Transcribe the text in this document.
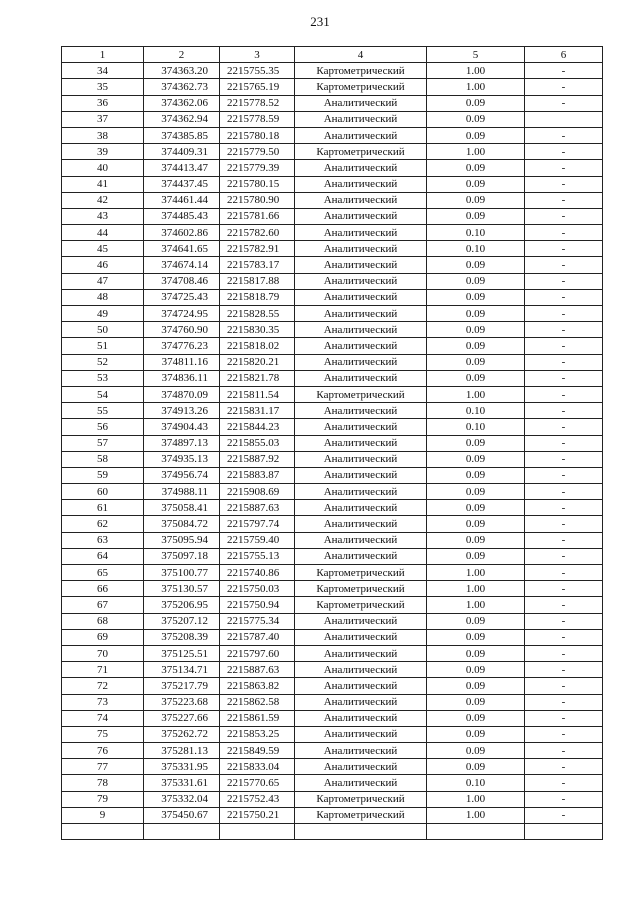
231
1	2	3	4	5	6
34	374363.20	2215755.35	Картометрический	1.00	-
35	374362.73	2215765.19	Картометрический	1.00	-
36	374362.06	2215778.52	Аналитический	0.09	-
37	374362.94	2215778.59	Аналитический	0.09	
38	374385.85	2215780.18	Аналитический	0.09	-
39	374409.31	2215779.50	Картометрический	1.00	-
40	374413.47	2215779.39	Аналитический	0.09	-
41	374437.45	2215780.15	Аналитический	0.09	-
42	374461.44	2215780.90	Аналитический	0.09	-
43	374485.43	2215781.66	Аналитический	0.09	-
44	374602.86	2215782.60	Аналитический	0.10	-
45	374641.65	2215782.91	Аналитический	0.10	-
46	374674.14	2215783.17	Аналитический	0.09	-
47	374708.46	2215817.88	Аналитический	0.09	-
48	374725.43	2215818.79	Аналитический	0.09	-
49	374724.95	2215828.55	Аналитический	0.09	-
50	374760.90	2215830.35	Аналитический	0.09	-
51	374776.23	2215818.02	Аналитический	0.09	-
52	374811.16	2215820.21	Аналитический	0.09	-
53	374836.11	2215821.78	Аналитический	0.09	-
54	374870.09	2215811.54	Картометрический	1.00	-
55	374913.26	2215831.17	Аналитический	0.10	-
56	374904.43	2215844.23	Аналитический	0.10	-
57	374897.13	2215855.03	Аналитический	0.09	-
58	374935.13	2215887.92	Аналитический	0.09	-
59	374956.74	2215883.87	Аналитический	0.09	-
60	374988.11	2215908.69	Аналитический	0.09	-
61	375058.41	2215887.63	Аналитический	0.09	-
62	375084.72	2215797.74	Аналитический	0.09	-
63	375095.94	2215759.40	Аналитический	0.09	-
64	375097.18	2215755.13	Аналитический	0.09	-
65	375100.77	2215740.86	Картометрический	1.00	-
66	375130.57	2215750.03	Картометрический	1.00	-
67	375206.95	2215750.94	Картометрический	1.00	-
68	375207.12	2215775.34	Аналитический	0.09	-
69	375208.39	2215787.40	Аналитический	0.09	-
70	375125.51	2215797.60	Аналитический	0.09	-
71	375134.71	2215887.63	Аналитический	0.09	-
72	375217.79	2215863.82	Аналитический	0.09	-
73	375223.68	2215862.58	Аналитический	0.09	-
74	375227.66	2215861.59	Аналитический	0.09	-
75	375262.72	2215853.25	Аналитический	0.09	-
76	375281.13	2215849.59	Аналитический	0.09	-
77	375331.95	2215833.04	Аналитический	0.09	-
78	375331.61	2215770.65	Аналитический	0.10	-
79	375332.04	2215752.43	Картометрический	1.00	-
9	375450.67	2215750.21	Картометрический	1.00	-
